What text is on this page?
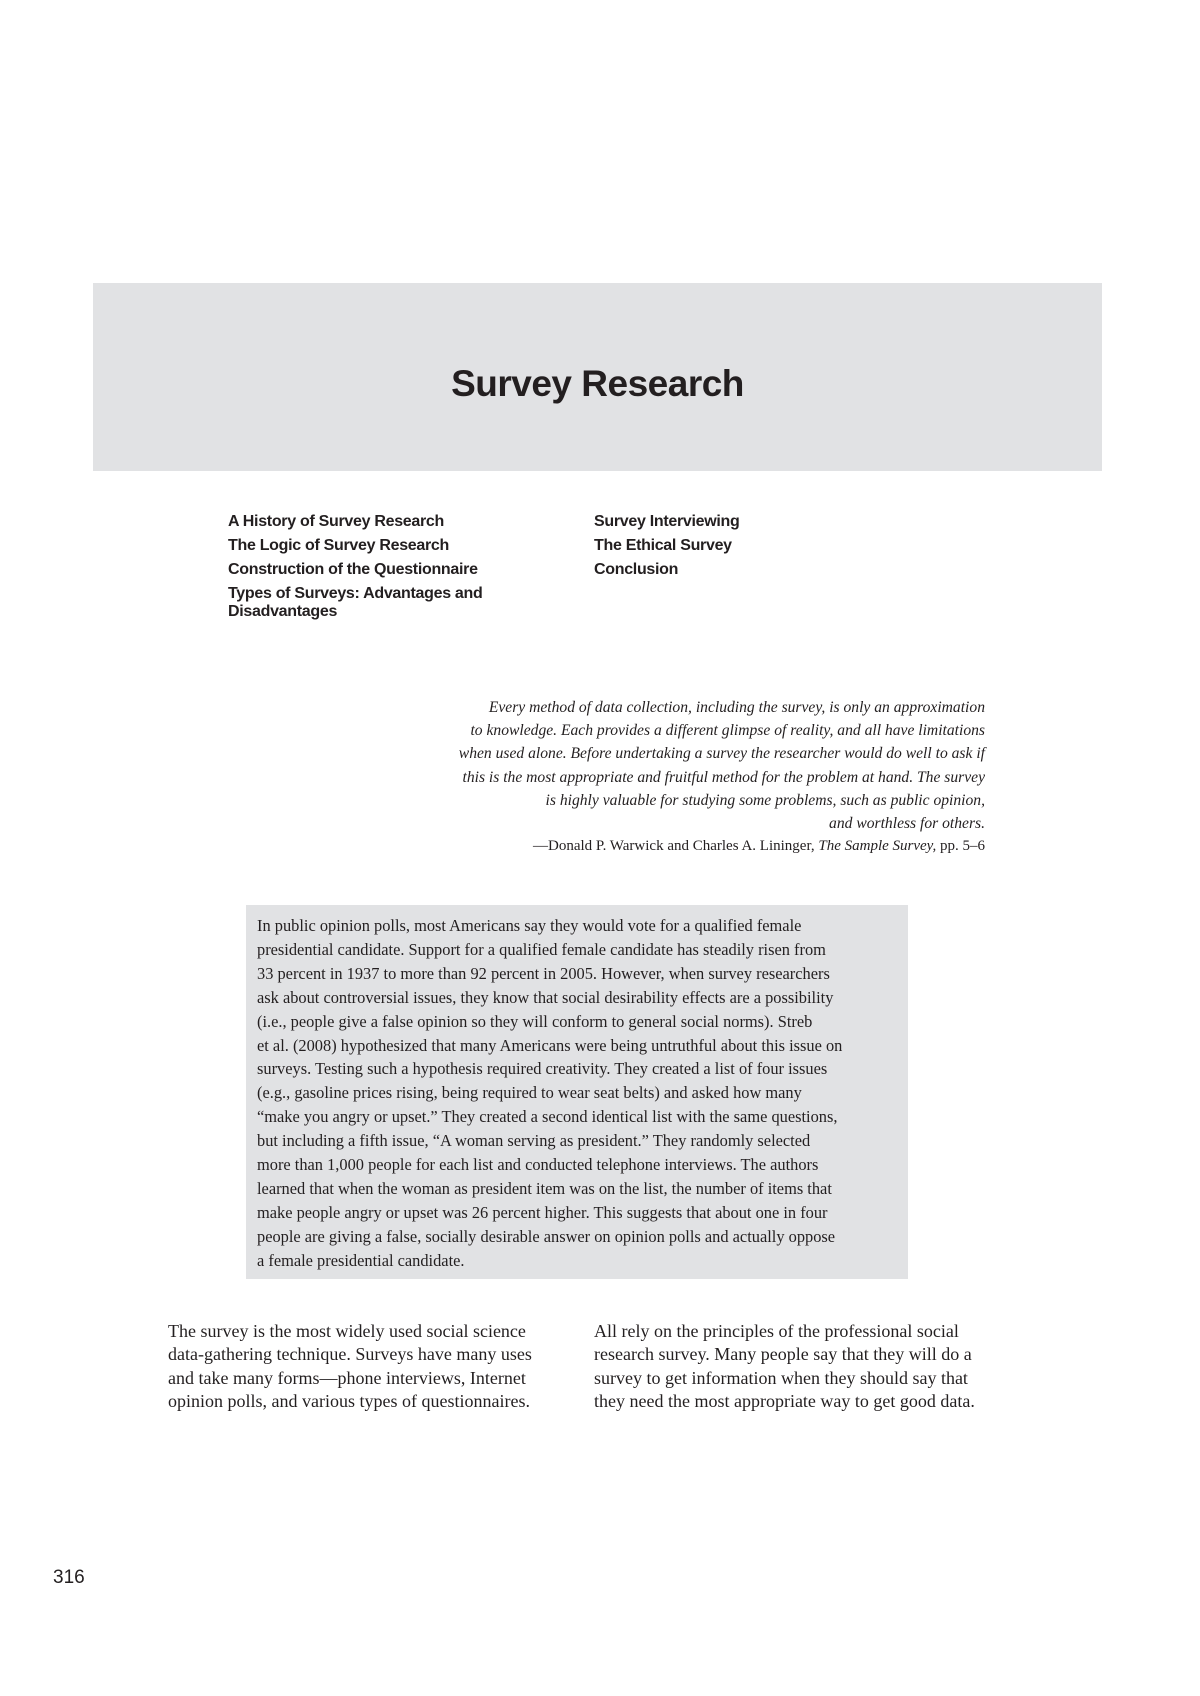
Survey Research
A History of Survey Research
The Logic of Survey Research
Construction of the Questionnaire
Types of Surveys: Advantages and Disadvantages
Survey Interviewing
The Ethical Survey
Conclusion
Every method of data collection, including the survey, is only an approximation
to knowledge. Each provides a different glimpse of reality, and all have limitations
when used alone. Before undertaking a survey the researcher would do well to ask if
this is the most appropriate and fruitful method for the problem at hand. The survey
is highly valuable for studying some problems, such as public opinion,
and worthless for others.
—Donald P. Warwick and Charles A. Lininger, The Sample Survey, pp. 5–6

In public opinion polls, most Americans say they would vote for a qualified female
presidential candidate. Support for a qualified female candidate has steadily risen from
33 percent in 1937 to more than 92 percent in 2005. However, when survey researchers
ask about controversial issues, they know that social desirability effects are a possibility
(i.e., people give a false opinion so they will conform to general social norms). Streb
et al. (2008) hypothesized that many Americans were being untruthful about this issue on
surveys. Testing such a hypothesis required creativity. They created a list of four issues
(e.g., gasoline prices rising, being required to wear seat belts) and asked how many
“make you angry or upset.” They created a second identical list with the same questions,
but including a fifth issue, “A woman serving as president.” They randomly selected
more than 1,000 people for each list and conducted telephone interviews. The authors
learned that when the woman as president item was on the list, the number of items that
make people angry or upset was 26 percent higher. This suggests that about one in four
people are giving a false, socially desirable answer on opinion polls and actually oppose
a female presidential candidate.

The survey is the most widely used social science
data-gathering technique. Surveys have many uses
and take many forms—phone interviews, Internet
opinion polls, and various types of questionnaires.
All rely on the principles of the professional social
research survey. Many people say that they will do a
survey to get information when they should say that
they need the most appropriate way to get good data.
316
